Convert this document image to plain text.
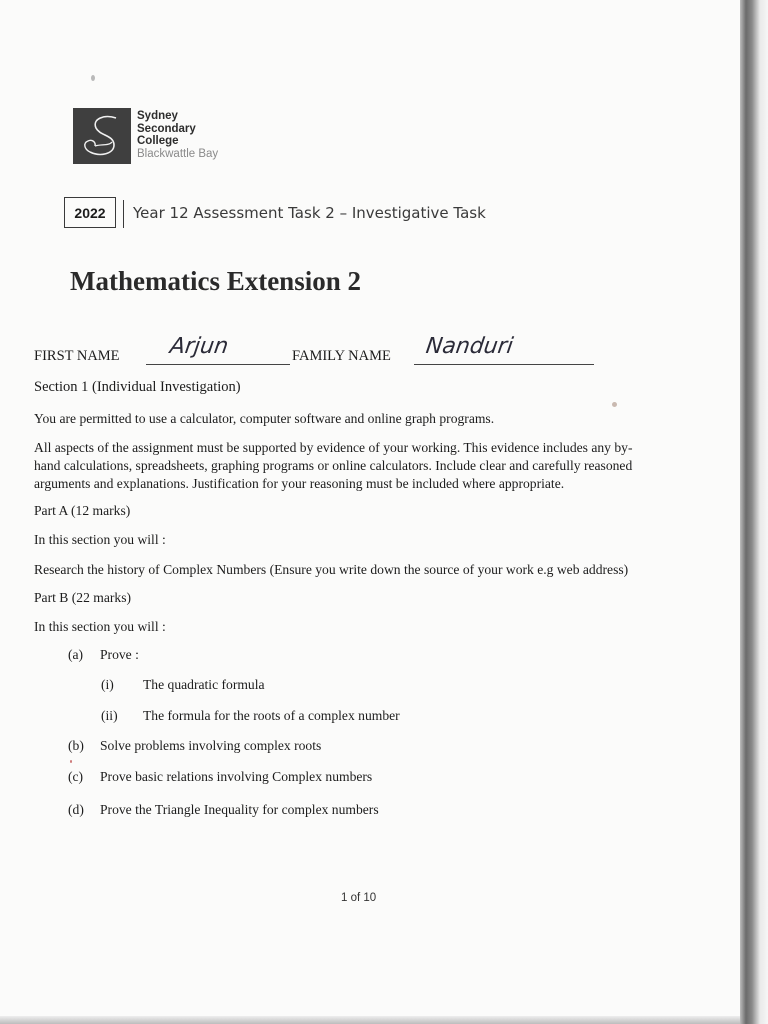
Sydney
Secondary
College
Blackwattle Bay
2022	Year 12 Assessment Task 2 – Investigative Task
Mathematics Extension 2
FIRST NAME Arjun	FAMILY NAME Nanduri
Section 1 (Individual Investigation)
You are permitted to use a calculator, computer software and online graph programs.
All aspects of the assignment must be supported by evidence of your working. This evidence includes any by-
hand calculations, spreadsheets, graphing programs or online calculators. Include clear and carefully reasoned
arguments and explanations. Justification for your reasoning must be included where appropriate.
Part A (12 marks)
In this section you will :
Research the history of Complex Numbers (Ensure you write down the source of your work e.g web address)
Part B (22 marks)
In this section you will :
(a) Prove :
(i) The quadratic formula
(ii) The formula for the roots of a complex number
(b) Solve problems involving complex roots
(c) Prove basic relations involving Complex numbers
(d) Prove the Triangle Inequality for complex numbers
1 of 10
